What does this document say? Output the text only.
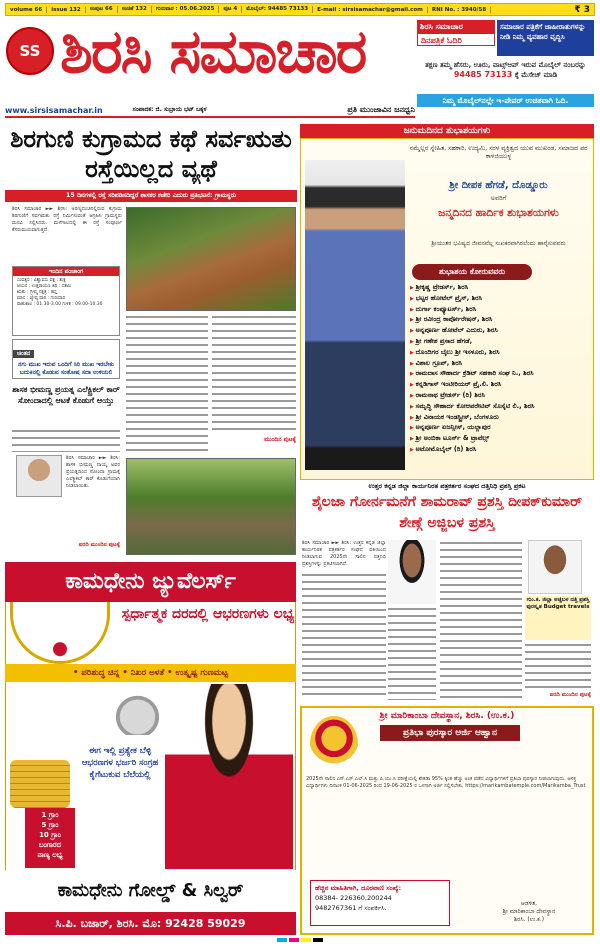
volume 66	issue 132	ಸಂಪುಟ 66	ಸಂಚಿಕೆ 132	ಗುರುವಾರ : 05.06.2025	ಪುಟ 4	ಮೊಬೈಲ್: 94485 73133	E-mail : sirsisamachar@gmail.com	RNI No. : 3940/58	₹ 3
SS ಶಿರಸಿ ಸಮಾಚಾರ	ಶಿರಸಿ ಸಮಾಚಾರ
ದಿನಪತ್ರಿಕೆ ಓದಿರಿ
ಸಮಾಚಾರ ಪತ್ರಿಕೆಗೆ ಜಾಹೀರಾತುಗಳನ್ನು ನೀಡಿ ನಿಮ್ಮ ವ್ಯವಹಾರ ವೃದ್ಧಿಸಿ
ತಕ್ಷಣ ತಮ್ಮ ಹೆಸರು, ಊರು, ವಾಟ್ಸ್ಆಪ್ ಇರುವ ಮೊಬೈಲ್ ನಂಬರನ್ನು 94485 73133 ಕ್ಕೆ ಮೆಸೇಜ್ ಮಾಡಿ
ನಿಮ್ಮ ಮೊಬೈಲ್‌ನಲ್ಲೇ ಇ-ಪೇಪರ್ ಉಚಿತವಾಗಿ ಓದಿ.
www.sirsisamachar.in	ಸಂಪಾದಕ: ಜಿ. ಸುಬ್ರಾಯ ಭಟ್ ಬಕ್ಕಳ	ಪ್ರತಿ ಮುಂಜಾವಿನ ಜನಧ್ವನಿ
ಶಿರಗುಣಿ ಕುಗ್ರಾಮದ ಕಥೆ ಸರ್ವಋತು ರಸ್ತೆಯಿಲ್ಲದ ವ್ಯಥೆ
15 ದಿನಗಳಲ್ಲಿ ರಸ್ತೆ ಸರಿಪಡಿಸದಿದ್ದರೆ ಶಾಸಕರ ಕಚೇರಿ ಎದುರು ಪ್ರತಿಭಟನೆ: ಗ್ರಾಮಸ್ಥರು
ಶಿರಸಿ ಸಮಾಚಾರ ►► ಶಿರಸಿ: ಅರಣ್ಯದಂಚಿನಲ್ಲಿರುವ ಕುಗ್ರಾಮ ಶಿರಗುಣಿಗೆ ಸರ್ವಋತು ರಸ್ತೆ ನಿರ್ಮಿಸುವಂತೆ ಆಗ್ರಹಿಸಿ ಗ್ರಾಮಸ್ಥರು ಮನವಿ ಸಲ್ಲಿಸಿದರು. ಮಳೆಗಾಲದಲ್ಲಿ ಈ ರಸ್ತೆ ಸಂಪೂರ್ಣ ಕೆಸರುಮಯವಾಗುತ್ತದೆ.
ಮುಂದಿನ ಪುಟಕ್ಕೆ
ಇಂದಿನ ಪಂಚಾಂಗ
ಸಂವತ್ಸರ : ವಿಶ್ವಾವಸು ಪಕ್ಷ : ಶುಕ್ಲ
ಆಯನ : ಉತ್ತರಾಯಣ ತಿಥಿ : ದಶಮಿ
ಋತು : ಗ್ರೀಷ್ಮ ನಕ್ಷತ್ರ : ಹಸ್ತ
ಮಾಸ : ಜ್ಯೇಷ್ಠ ವಾರ : ಗುರುವಾರ
ರಾಹುಕಾಲ : 01.30-3.00 ಗುಳಿಕ : 09.00-10.30
ಚಿಂತನ

ನಗು ಮುಖ ಇರುವ ಒಂದಿಗೆ ಸಿರಿ ಮುಖ ಇರಬೇಕು ಬದುಕಿನಲ್ಲಿ ಕೊಡುವ ಸಂತೋಷ ಸದಾ ಉಳಿಯಲಿ

ಶಾಸಕ ಭೀಮಣ್ಣ ಪ್ರಯತ್ನ ಎಲೆಕ್ಟ್ರಿಕಲ್ ಕಾರ್ ಸೋಂದಾದಲ್ಲಿ ಆಟಕೆ ಕೊಡುಗೆ ಆಯ್ತು
ಶಿರಸಿ ಸಮಾಚಾರ ►► ಶಿರಸಿ: ಶಾಸಕ ಭೀಮಣ್ಣ ನಾಯ್ಕ ಅವರ ಪ್ರಯತ್ನದಿಂದ ಸೋಂದಾ ಗ್ರಾಮಕ್ಕೆ ಎಲೆಕ್ಟ್ರಿಕಲ್ ಕಾರ್ ಕೊಡುಗೆಯಾಗಿ ನೀಡಲಾಯಿತು.
ವರದಿ ಮುಂದಿನ ಪುಟಕ್ಕೆ
ಜನುಮದಿನದ ಶುಭಾಶಯಗಳು
ನಮ್ಮೆಲ್ಲರ ಸ್ನೇಹಿತ, ಸಹಕಾರಿ, ಉದ್ಯಮಿ, ಸರಳ ವ್ಯಕ್ತಿತ್ವದ ಯುವ ಮುಖಂಡ, ಸಮಾಜದ ಪರ ಕಾಳಜಿಯುಳ್ಳ
ಶ್ರೀ ದೀಪಕ ಹೆಗಡೆ, ದೊಡ್ಡೂರು
ಅವರಿಗೆ
ಜನ್ಮದಿನದ ಹಾರ್ದಿಕ ಶುಭಾಶಯಗಳು
ಶ್ರೀಯುತರ ಭವಿಷ್ಯದ ಜೀವನವೆಲ್ಲ ಸುಖಕರವಾಗಿರಲೆಂದು ಹಾರೈಸುವವರು
ಶುಭಾಶಯ ಕೋರುವವರು
▶ ಶ್ರೀಕೃಷ್ಣ ಟ್ರೇಡರ್ಸ್, ಶಿರಸಿ
▶ ಭಟ್ಟರ ಹೋಟೆಲ್ ಪ್ರೈಸ್, ಶಿರಸಿ
▶ ದುರ್ಗಾ ಕಂಪ್ಯೂಟರ್ಸ್, ಶಿರಸಿ
▶ ಶ್ರೀ ರವೀಂದ್ರ ಕಾರ್ಪೋರೇಷನ್, ಶಿರಸಿ
▶ ಅನ್ನಪೂರ್ಣ ಹೋಟೆಲ್ ಎದುರು, ಶಿರಸಿ
▶ ಶ್ರೀ ಗಣೇಶ ಪ್ರಸಾದ ಹೆಗಡೆ,
▶ ದೊಂದಿಗರ ಬೈಲು ಶ್ರೀ ಇಸಳೂರು, ಶಿರಸಿ
▶ ವಿಶಾಲ ಗ್ರೂಪ್, ಶಿರಸಿ
▶ ರಾಮದಾಸ ಸೌಹಾರ್ದ ಕ್ರೆಡಿಟ್ ಸಹಕಾರಿ ಸಂಘ ನಿ., ಶಿರಸಿ
▶ ಕನ್ನಡಿಗಾಸ್ ಇಂಟೀರಿಯರ್ ಪ್ರೈ.ಲಿ. ಶಿರಸಿ
▶ ರಾಮನಾಥ ಟ್ರೇಡರ್ಸ್ (ರಿ) ಶಿರಸಿ
▶ ಸಮೃದ್ಧಿ ಸೌಹಾರ್ದ ಕೋಆಪರೇಟಿವ್ ಸೊಸೈಟಿ ಲಿ., ಶಿರಸಿ
▶ ಶ್ರೀ ವಿನಾಯಕ ಇಂಡಸ್ಟ್ರೀಸ್, ಬೆಂಗಳೂರು
▶ ಅನ್ನಪೂರ್ಣ ಏಜನ್ಸೀಸ್, ಯಲ್ಲಾಪುರ
▶ ಶ್ರೀ ಅಂಬಿಕಾ ಟೂರ್ಸ್ & ಟ್ರಾವೆಲ್ಸ್
▶ ಅಟೋಮೊಬೈಲ್ (ರಿ) ಶಿರಸಿ
ಉತ್ತರ ಕನ್ನಡ ಜಿಲ್ಲಾ ಕಾರ್ಯನಿರತ ಪತ್ರಕರ್ತರ ಸಂಘದ ದತ್ತಿನಿಧಿ ಪ್ರಶಸ್ತಿ ಪ್ರಕಟ
ಶೈಲಜಾ ಗೋರ್ನಮನೆಗೆ ಶಾಮರಾವ್ ಪ್ರಶಸ್ತಿ ದೀಪಕ್‌ಕುಮಾರ್ ಶೇಣ್ಗೆ ಅಜ್ಜಿಬಳ ಪ್ರಶಸ್ತಿ
ಶಿರಸಿ ಸಮಾಚಾರ ►► ಶಿರಸಿ: ಉತ್ತರ ಕನ್ನಡ ಜಿಲ್ಲಾ ಕಾರ್ಯನಿರತ ಪತ್ರಕರ್ತರ ಸಂಘದ ವತಿಯಿಂದ ನೀಡಲಾಗುವ 2025ನೇ ಸಾಲಿನ ದತ್ತಿನಿಧಿ ಪ್ರಶಸ್ತಿಗಳನ್ನು ಪ್ರಕಟಿಸಲಾಗಿದೆ.
ಗುಂ.ಕ. ಜಿಲ್ಲಾ ಅಜ್ಜಿಬಳ ದತ್ತಿ ಪ್ರಶಸ್ತಿ ಪುರಸ್ಕೃತ Budget travels
ವರದಿ ಮುಂದಿನ ಪುಟಕ್ಕೆ
ಕಾಮಧೇನು ಜ್ಯುವೆಲರ್ಸ್
ಸ್ಪರ್ಧಾತ್ಮಕ ದರದಲ್ಲಿ ಆಭರಣಗಳು ಲಭ್ಯ
• ಪರಿಶುದ್ಧ ಚಿನ್ನ • ನಿಖರ ಅಳತೆ • ಉತ್ಕೃಷ್ಟ ಗುಣಮಟ್ಟ
ಈಗ ಇಲ್ಲಿ ಪ್ರತ್ಯೇಕ ಬೆಳ್ಳಿ ಆಭರಣಗಳ ಭರ್ಜರಿ ಸಂಗ್ರಹ ಕೈಗೆಟುಕುವ ಬೆಲೆಯಲ್ಲಿ
1 ಗ್ರಾಂ
5 ಗ್ರಾಂ
10 ಗ್ರಾಂ
ಬಂಗಾರದ
ನಾಣ್ಯ ಲಭ್ಯ
ಕಾಮಧೇನು ಗೋಲ್ಡ್ & ಸಿಲ್ವರ್
ಸಿ.ಪಿ. ಬಜಾರ್, ಶಿರಸಿ. ಮೊ: 92428 59029
ಶ್ರೀ ಮಾರಿಕಾಂಬಾ ದೇವಸ್ಥಾನ, ಶಿರಸಿ. (ಉ.ಕ.)
ಪ್ರತಿಭಾ ಪುರಸ್ಕಾರ ಅರ್ಜಿ ಆಹ್ವಾನ
2025ನೇ ಸಾಲಿನ ಎಸ್.ಎಸ್.ಎಲ್.ಸಿ ಮತ್ತು ಪಿ.ಯು.ಸಿ ಪರೀಕ್ಷೆಯಲ್ಲಿ ಶೇಕಡಾ 95% ಕ್ಕಿಂತ ಹೆಚ್ಚು ಅಂಕ ಪಡೆದ ವಿದ್ಯಾರ್ಥಿಗಳಿಗೆ ಪ್ರತಿಭಾ ಪುರಸ್ಕಾರ ನೀಡಲಾಗುವುದು. ಆಸಕ್ತ ವಿದ್ಯಾರ್ಥಿಗಳು ದಿನಾಂಕ 01-06-2025 ರಿಂದ 19-06-2025 ರ ಒಳಗಾಗಿ ಅರ್ಜಿ ಸಲ್ಲಿಸಬೇಕು. https://marikambatemple.com/Marikamba_Trust
ಹೆಚ್ಚಿನ ಮಾಹಿತಿಗಾಗಿ, ದೂರವಾಣಿ ಸಂಖ್ಯೆ:
08384- 226360,200244
9482767361 ಗೆ ಸಂಪರ್ಕಿಸಿ.
ಆಡಳಿತ,
ಶ್ರೀ ಮಾರಿಕಾಂಬಾ ದೇವಸ್ಥಾನ
ಶಿರಸಿ. (ಉ.ಕ.)
